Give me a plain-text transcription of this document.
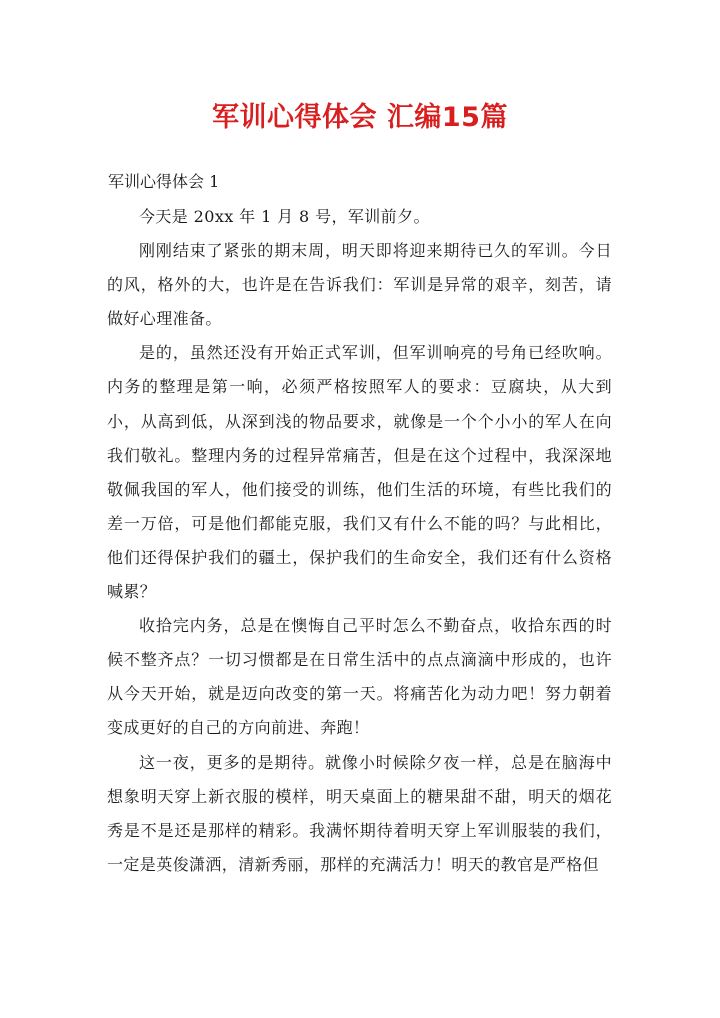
军训心得体会 汇编15篇
军训心得体会 1

今天是 20xx 年 1 月 8 号，军训前夕。

刚刚结束了紧张的期末周，明天即将迎来期待已久的军训。今日的风，格外的大，也许是在告诉我们：军训是异常的艰辛，刻苦，请做好心理准备。

是的，虽然还没有开始正式军训，但军训响亮的号角已经吹响。内务的整理是第一响，必须严格按照军人的要求：豆腐块，从大到小，从高到低，从深到浅的物品要求，就像是一个个小小的军人在向我们敬礼。整理内务的过程异常痛苦，但是在这个过程中，我深深地敬佩我国的军人，他们接受的训练，他们生活的环境，有些比我们的差一万倍，可是他们都能克服，我们又有什么不能的吗？与此相比，他们还得保护我们的疆土，保护我们的生命安全，我们还有什么资格喊累？

收拾完内务，总是在懊悔自己平时怎么不勤奋点，收拾东西的时候不整齐点？一切习惯都是在日常生活中的点点滴滴中形成的，也许从今天开始，就是迈向改变的第一天。将痛苦化为动力吧！努力朝着变成更好的自己的方向前进、奔跑！

这一夜，更多的是期待。就像小时候除夕夜一样，总是在脑海中想象明天穿上新衣服的模样，明天桌面上的糖果甜不甜，明天的烟花秀是不是还是那样的精彩。我满怀期待着明天穿上军训服装的我们，一定是英俊潇洒，清新秀丽，那样的充满活力！明天的教官是严格但
